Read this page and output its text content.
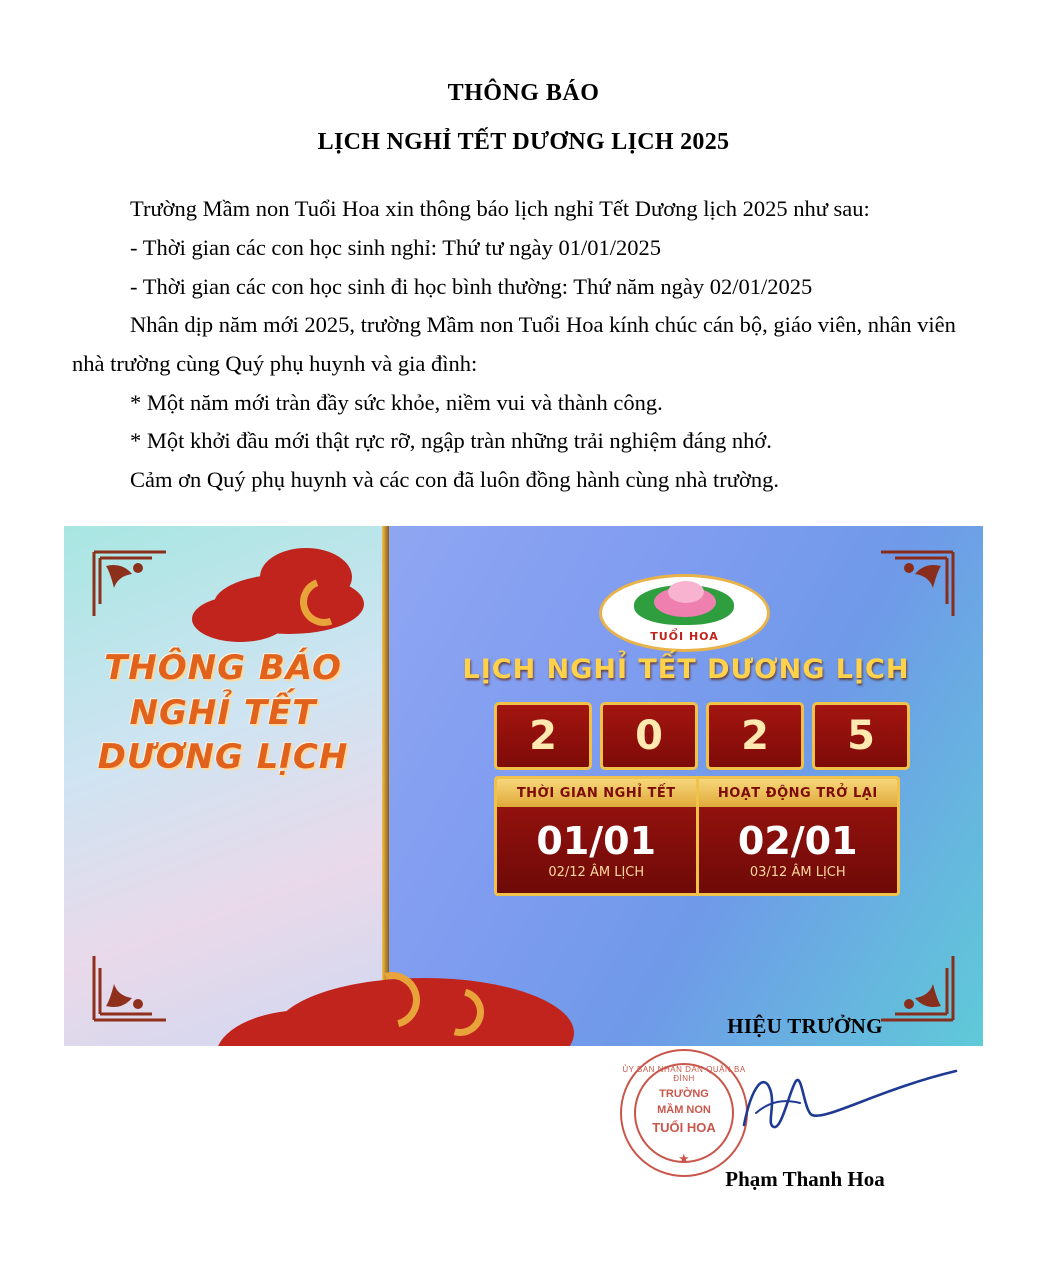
THÔNG BÁO
LỊCH NGHỈ TẾT DƯƠNG LỊCH 2025

Trường Mầm non Tuổi Hoa xin thông báo lịch nghỉ Tết Dương lịch 2025 như sau:

- Thời gian các con học sinh nghỉ: Thứ tư ngày 01/01/2025

- Thời gian các con học sinh đi học bình thường: Thứ năm ngày 02/01/2025

Nhân dịp năm mới 2025, trường Mầm non Tuổi Hoa kính chúc cán bộ, giáo viên, nhân viên nhà trường cùng Quý phụ huynh và gia đình:

* Một năm mới tràn đầy sức khỏe, niềm vui và thành công.

* Một khởi đầu mới thật rực rỡ, ngập tràn những trải nghiệm đáng nhớ.

Cảm ơn Quý phụ huynh và các con đã luôn đồng hành cùng nhà trường.

THÔNG BÁO NGHỈ TẾT DƯƠNG LỊCH
TUỔI HOA
LỊCH NGHỈ TẾT DƯƠNG LỊCH
2	0	2	5
THỜI GIAN NGHỈ TẾT
01/01
02/12 ÂM LỊCH
HOẠT ĐỘNG TRỞ LẠI
02/01
03/12 ÂM LỊCH
HIỆU TRƯỞNG
ỦY BAN NHÂN DÂN QUẬN BA ĐÌNH
TRƯỜNG
MẦM NON
TUỔI HOA
★
Phạm Thanh Hoa
